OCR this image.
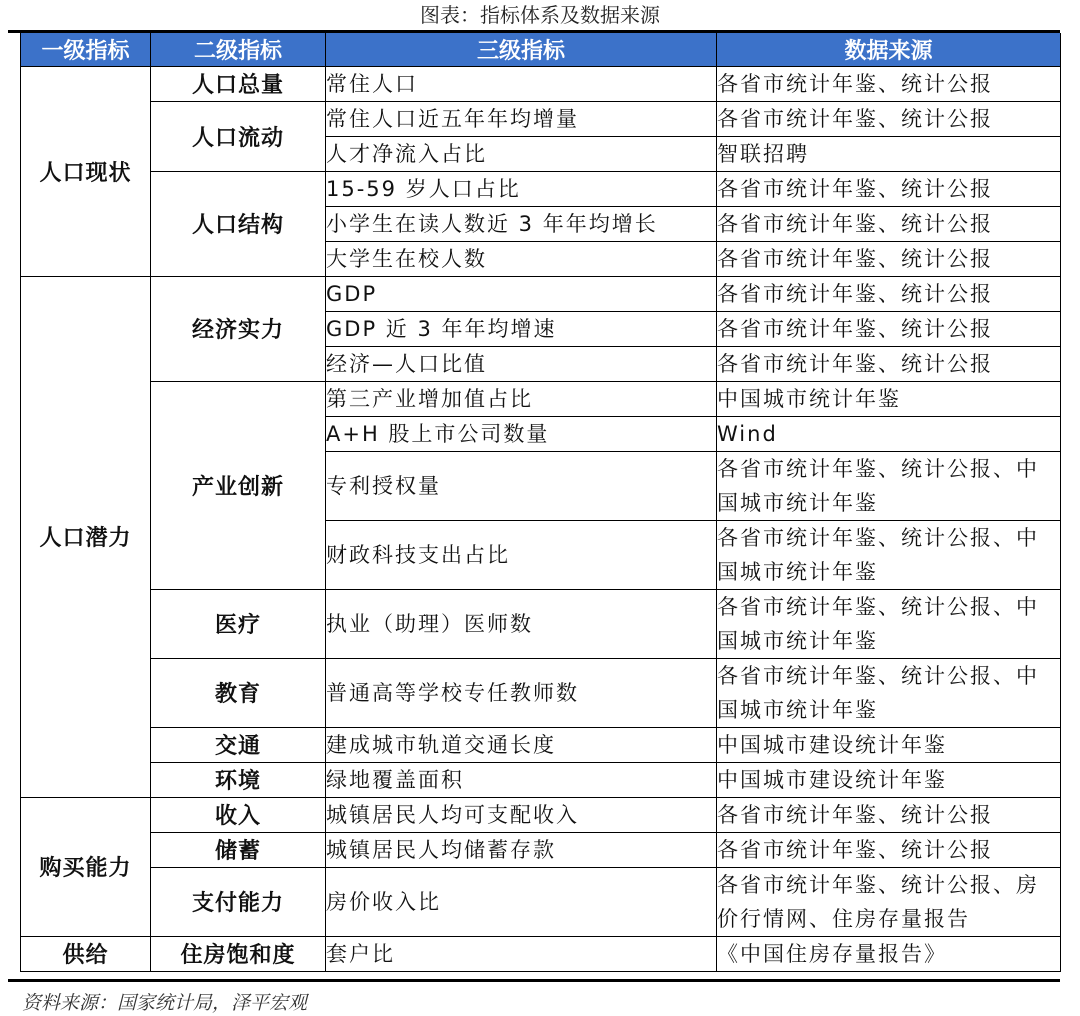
图表：指标体系及数据来源
一级指标	二级指标	三级指标	数据来源
人口现状	人口总量	常住人口	各省市统计年鉴、统计公报
	人口流动	常住人口近五年年均增量	各省市统计年鉴、统计公报
		人才净流入占比	智联招聘
	人口结构	15-59 岁人口占比	各省市统计年鉴、统计公报
		小学生在读人数近 3 年年均增长	各省市统计年鉴、统计公报
		大学生在校人数	各省市统计年鉴、统计公报
人口潜力	经济实力	GDP	各省市统计年鉴、统计公报
		GDP 近 3 年年均增速	各省市统计年鉴、统计公报
		经济—人口比值	各省市统计年鉴、统计公报
	产业创新	第三产业增加值占比	中国城市统计年鉴
		A+H 股上市公司数量	Wind
		专利授权量	各省市统计年鉴、统计公报、中国城市统计年鉴
		财政科技支出占比	各省市统计年鉴、统计公报、中国城市统计年鉴
	医疗	执业（助理）医师数	各省市统计年鉴、统计公报、中国城市统计年鉴
	教育	普通高等学校专任教师数	各省市统计年鉴、统计公报、中国城市统计年鉴
	交通	建成城市轨道交通长度	中国城市建设统计年鉴
	环境	绿地覆盖面积	中国城市建设统计年鉴
购买能力	收入	城镇居民人均可支配收入	各省市统计年鉴、统计公报
	储蓄	城镇居民人均储蓄存款	各省市统计年鉴、统计公报
	支付能力	房价收入比	各省市统计年鉴、统计公报、房价行情网、住房存量报告
供给	住房饱和度	套户比	《中国住房存量报告》
资料来源：国家统计局，泽平宏观
